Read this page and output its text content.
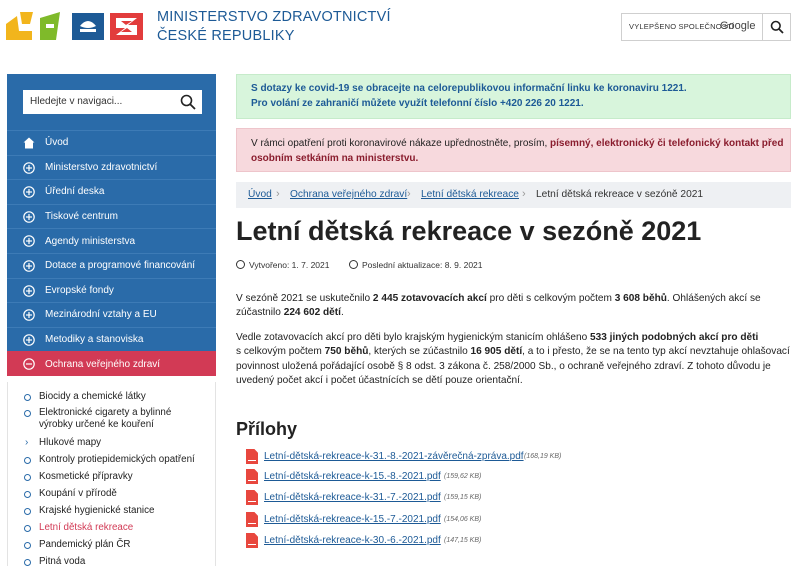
MINISTERSTVO ZDRAVOTNICTVÍ
ČESKÉ REPUBLIKY
VYLEPŠENO SPOLEČNOSTÍ
Google
Hledejte v navigaci...
Úvod
Ministerstvo zdravotnictví
Úřední deska
Tiskové centrum
Agendy ministerstva
Dotace a programové financování
Evropské fondy
Mezinárodní vztahy a EU
Metodiky a stanoviska
Ochrana veřejného zdraví
Biocidy a chemické látky
Elektronické cigarety a bylinné výrobky určené ke kouření
› Hlukové mapy
Kontroly protiepidemických opatření
Kosmetické přípravky
Koupání v přírodě
Krajské hygienické stanice
Letní dětská rekreace
Pandemický plán ČR
Pitná voda

S dotazy ke covid-19 se obracejte na celorepublikovou informační linku ke koronaviru 1221.

Pro volání ze zahraničí můžete využít telefonní číslo +420 226 20 1221.

V rámci opatření proti koronavirové nákaze upřednostněte, prosím, písemný, elektronický či telefonický kontakt před

osobním setkáním na ministerstvu.

Úvod › Ochrana veřejného zdraví › Letní dětská rekreace › Letní dětská rekreace v sezóně 2021
Letní dětská rekreace v sezóně 2021
Vytvořeno: 1. 7. 2021	Poslední aktualizace: 8. 9. 2021
V sezóně 2021 se uskutečnilo 2 445 zotavovacích akcí pro děti s celkovým počtem 3 608 běhů. Ohlášených akcí se
zúčastnilo 224 602 dětí.
Vedle zotavovacích akcí pro děti bylo krajským hygienickým stanicím ohlášeno 533 jiných podobných akcí pro děti
s celkovým počtem 750 běhů, kterých se zúčastnilo 16 905 dětí, a to i přesto, že se na tento typ akcí nevztahuje ohlašovací
povinnost uložená pořádající osobě § 8 odst. 3 zákona č. 258/2000 Sb., o ochraně veřejného zdraví. Z tohoto důvodu je
uvedený počet akcí i počet účastnících se dětí pouze orientační.
Přílohy
Letní-dětská-rekreace-k-31.-8.-2021-závěrečná-zpráva.pdf (168,19 KB)
Letní-dětská-rekreace-k-15.-8.-2021.pdf (159,62 KB)
Letní-dětská-rekreace-k-31.-7.-2021.pdf (159,15 KB)
Letní-dětská-rekreace-k-15.-7.-2021.pdf (154,06 KB)
Letní-dětská-rekreace-k-30.-6.-2021.pdf (147,15 KB)
